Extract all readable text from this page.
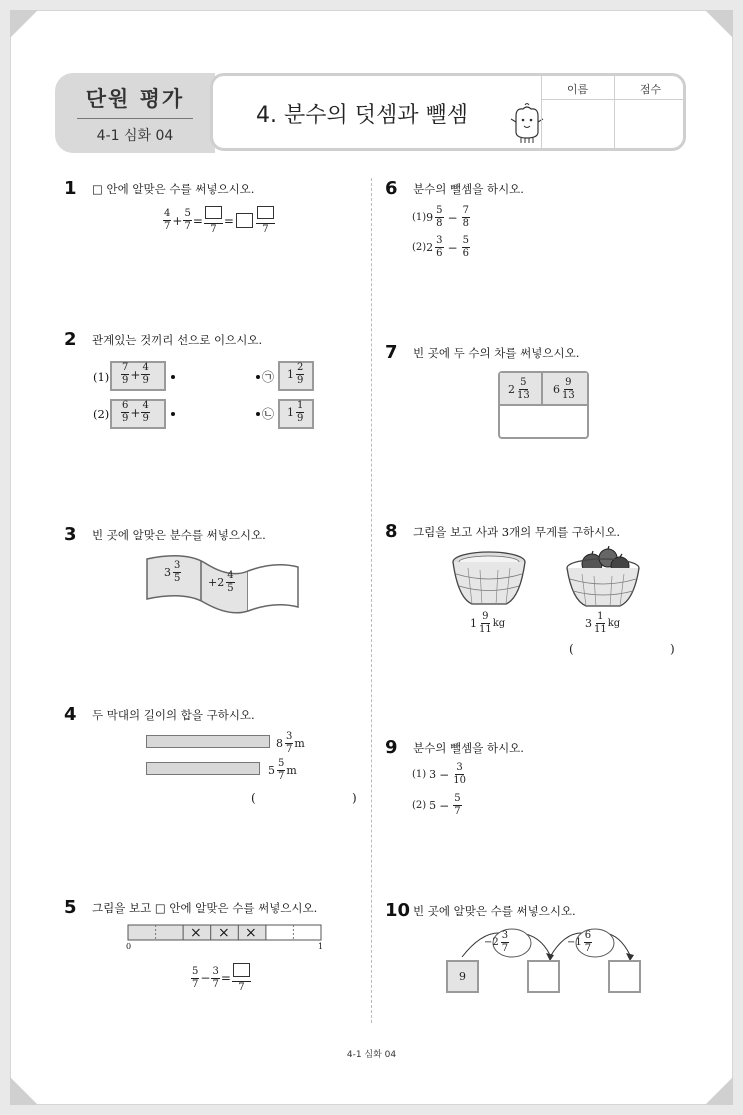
단원 평가
4-1 심화 04
4. 분수의 덧셈과 뺄셈
이름	점수
1 □ 안에 알맞은 수를 써넣으시오.
$\frac{4}{7} + \frac{5}{7}$ =
7
=
7
2 관계있는 것끼리 선으로 이으시오.
$(1) \frac{7}{9} + \frac{4}{9}$
$(2) \frac{6}{9} + \frac{4}{9}$
㉠ $1 \frac{2}{9}$
㉡ $1 \frac{1}{9}$
3 빈 곳에 알맞은 분수를 써넣으시오.
$3 \frac{3}{5} +2 \frac{4}{5}$
4 두 막대의 길이의 합을 구하시오.
$8 \frac{3}{7}$ m
$5 \frac{5}{7}$ m
(	)
5 그림을 보고 □ 안에 알맞은 수를 써넣으시오.
× × ×
0	1
$\frac{5}{7} - \frac{3}{7}$ =
7
6 분수의 뺄셈을 하시오.
(1) $9 \frac{5}{8} - \frac{7}{8}$
(2) $2 \frac{3}{6} - \frac{5}{6}$
7 빈 곳에 두 수의 차를 써넣으시오.
$2 \frac{5}{13} 6 \frac{9}{13}$
8 그림을 보고 사과 3개의 무게를 구하시오.
$1 \frac{9}{11}$ kg	$3 \frac{1}{11}$ kg
(	)
9 분수의 뺄셈을 하시오.
(1) $3 - \frac{3}{10}$
(2) $5 - \frac{5}{7}$
10 빈 곳에 알맞은 수를 써넣으시오.
$-2 \frac{3}{7}$	$-1 \frac{6}{7}$
9
4-1 심화 04
